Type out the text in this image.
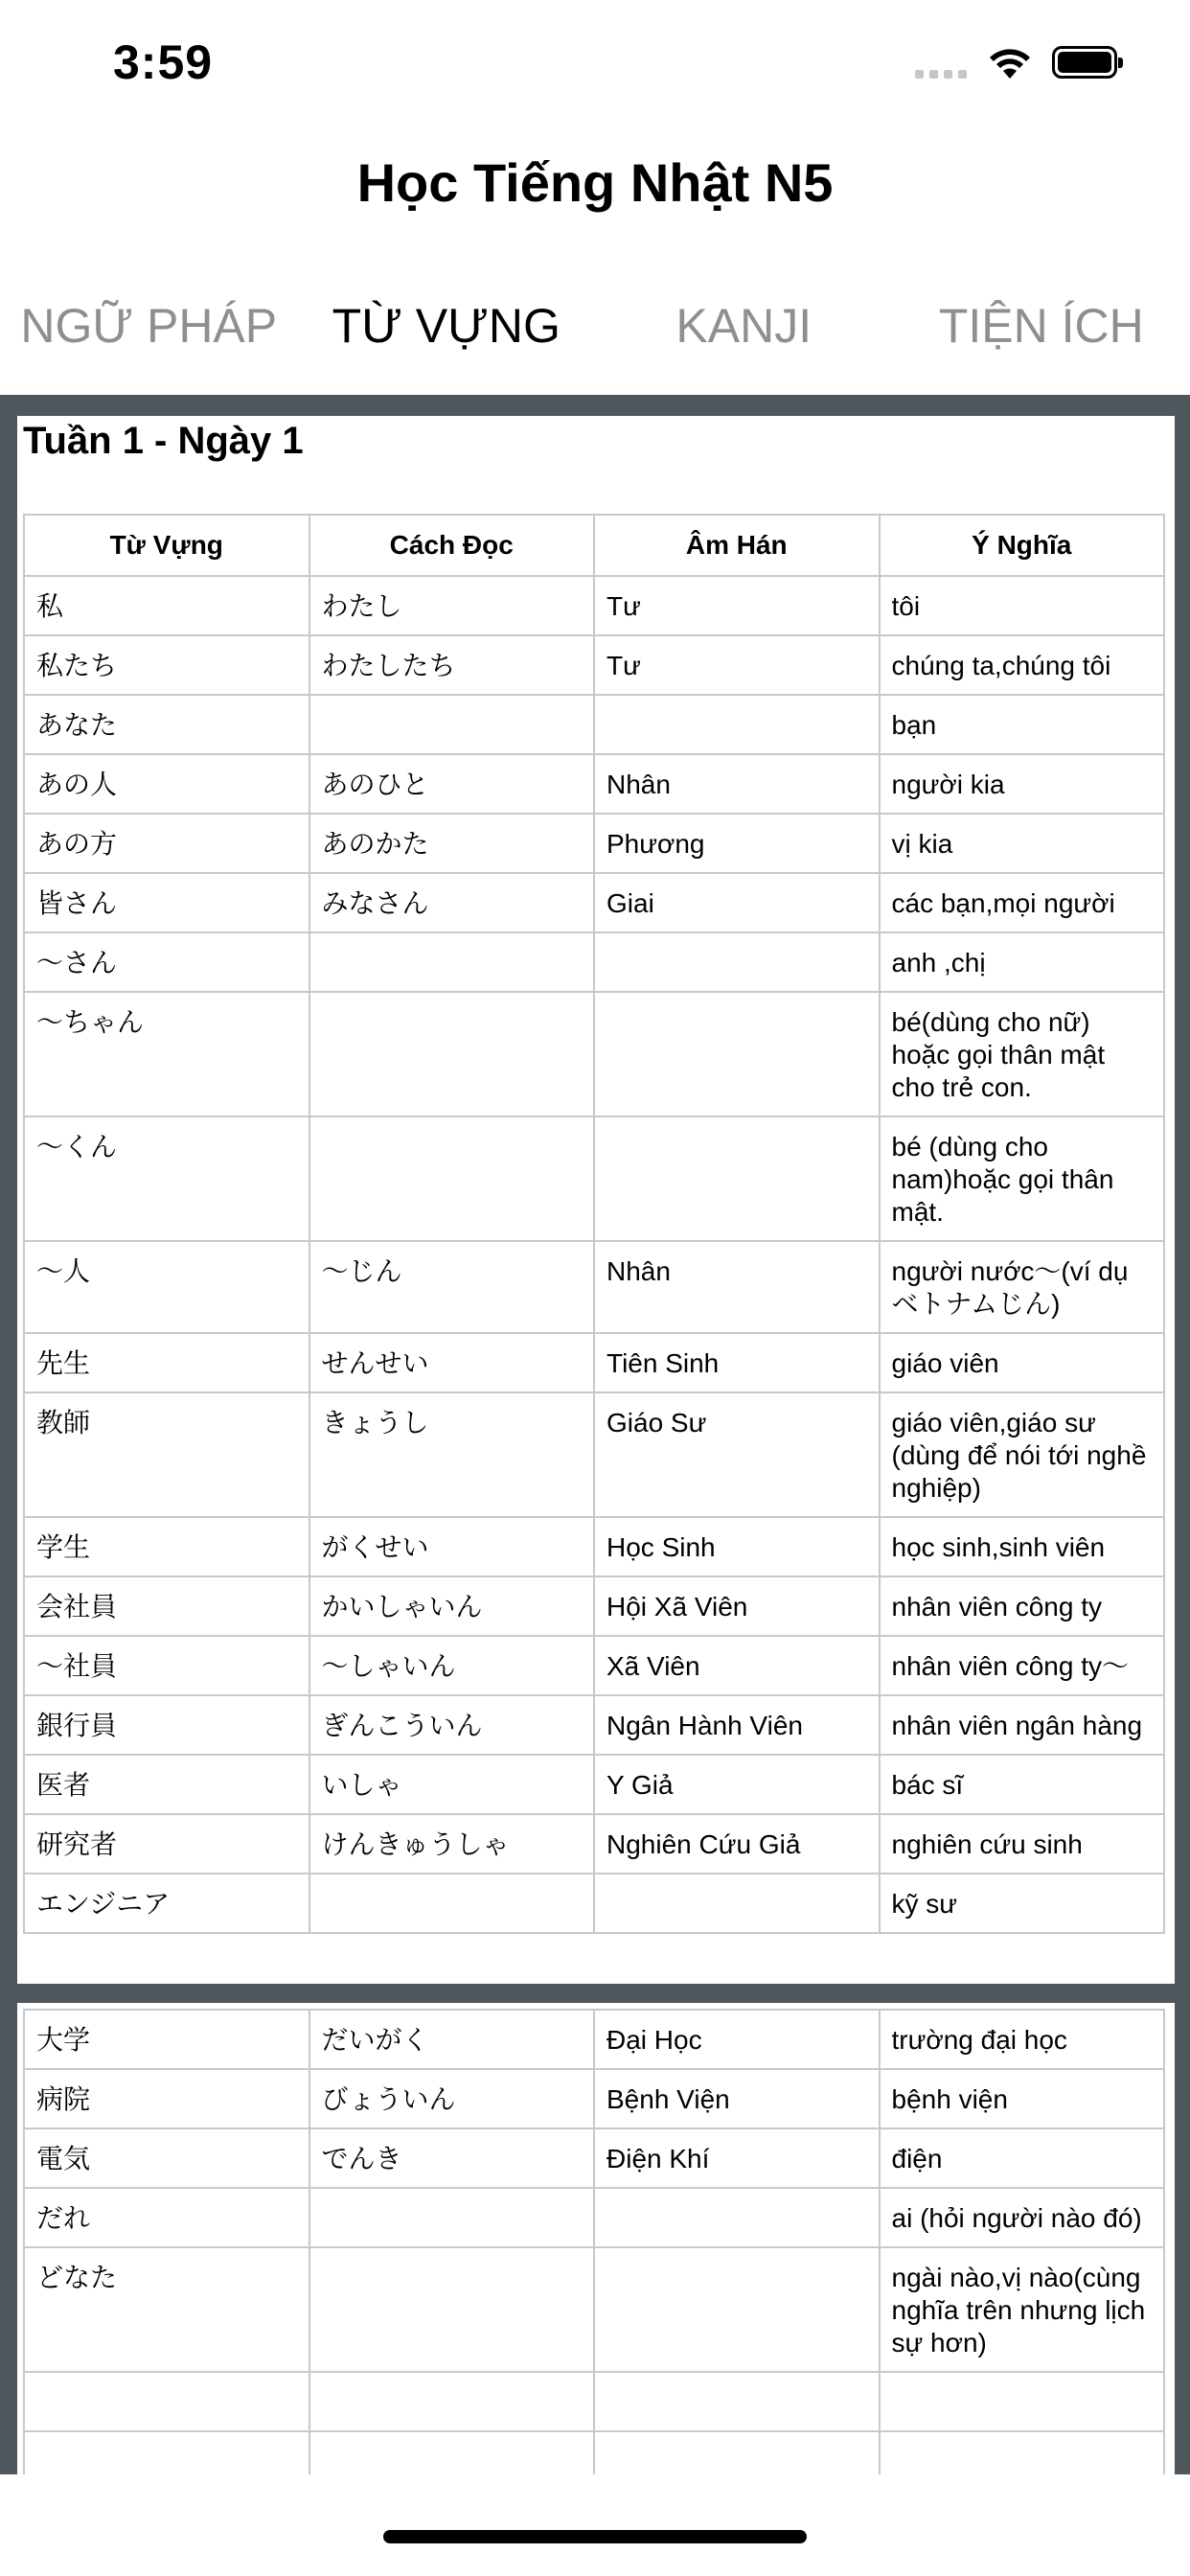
3:59
Học Tiếng Nhật N5
NGỮ PHÁP	TỪ VỰNG	KANJI	TIỆN ÍCH
Tuần 1 - Ngày 1
Từ Vựng	Cách Đọc	Âm Hán	Ý Nghĩa
私	わたし	Tư	tôi
私たち	わたしたち	Tư	chúng ta,chúng tôi
あなた			bạn
あの人	あのひと	Nhân	người kia
あの方	あのかた	Phương	vị kia
皆さん	みなさん	Giai	các bạn,mọi người
～さん			anh ,chị
～ちゃん			bé(dùng cho nữ) hoặc gọi thân mật cho trẻ con.
～くん			bé (dùng cho nam)hoặc gọi thân mật.
～人	～じん	Nhân	người nước～(ví dụ ベトナムじん)
先生	せんせい	Tiên Sinh	giáo viên
教師	きょうし	Giáo Sư	giáo viên,giáo sư (dùng để nói tới nghề nghiệp)
学生	がくせい	Học Sinh	học sinh,sinh viên
会社員	かいしゃいん	Hội Xã Viên	nhân viên công ty
～社員	～しゃいん	Xã Viên	nhân viên công ty～
銀行員	ぎんこういん	Ngân Hành Viên	nhân viên ngân hàng
医者	いしゃ	Y Giả	bác sĩ
研究者	けんきゅうしゃ	Nghiên Cứu Giả	nghiên cứu sinh
エンジニア			kỹ sư
大学	だいがく	Đại Học	trường đại học
病院	びょういん	Bệnh Viện	bệnh viện
電気	でんき	Điện Khí	điện
だれ			ai (hỏi người nào đó)
どなた			ngài nào,vị nào(cùng nghĩa trên nhưng lịch sự hơn)
